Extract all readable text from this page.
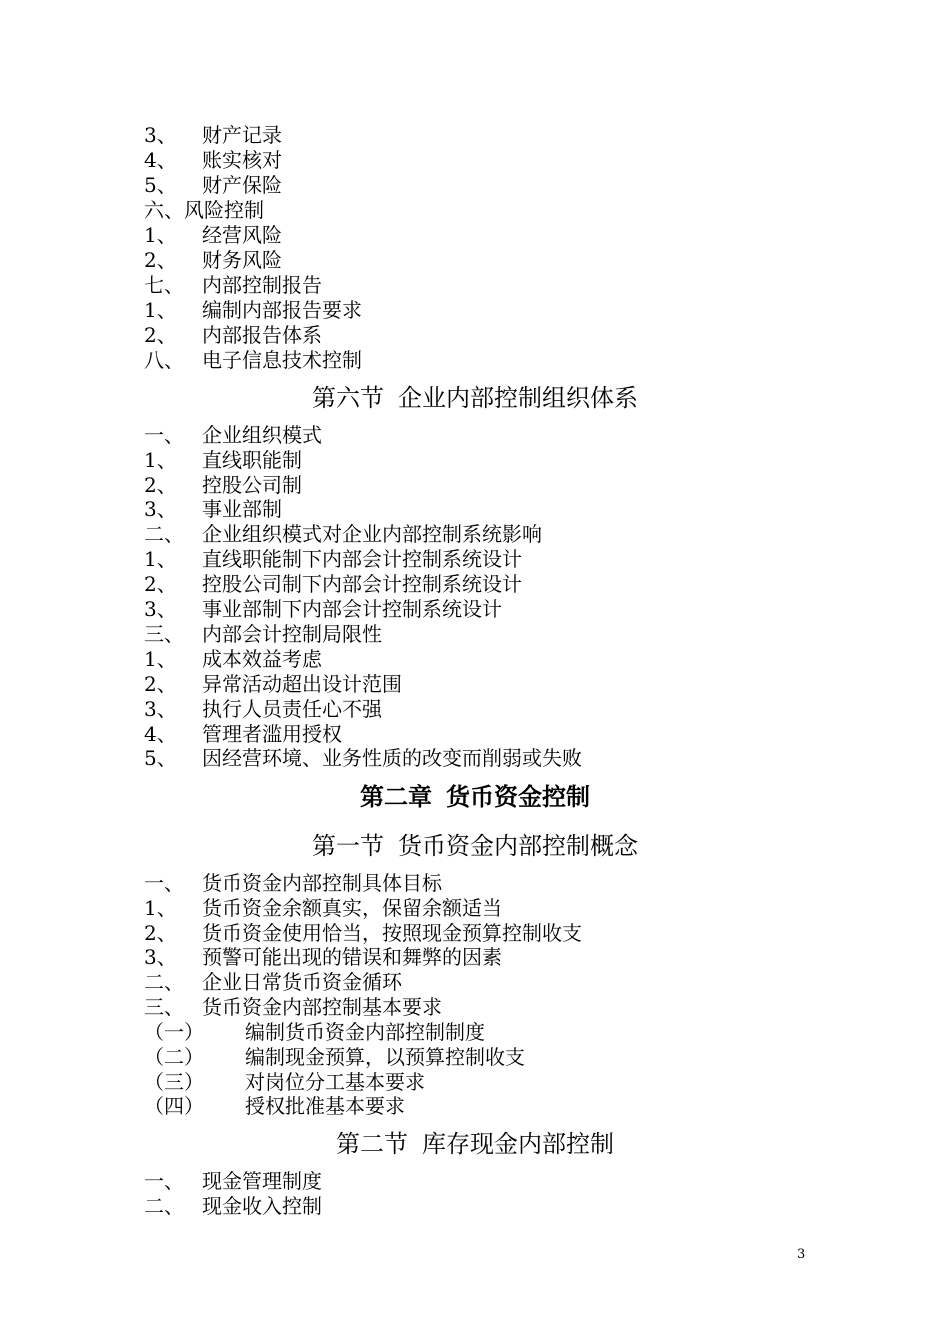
3、 财产记录
4、 账实核对
5、 财产保险
六、风险控制
1、 经营风险
2、 财务风险
七、 内部控制报告
1、 编制内部报告要求
2、 内部报告体系
八、 电子信息技术控制
第六节 企业内部控制组织体系
一、 企业组织模式
1、 直线职能制
2、 控股公司制
3、 事业部制
二、 企业组织模式对企业内部控制系统影响
1、 直线职能制下内部会计控制系统设计
2、 控股公司制下内部会计控制系统设计
3、 事业部制下内部会计控制系统设计
三、 内部会计控制局限性
1、 成本效益考虑
2、 异常活动超出设计范围
3、 执行人员责任心不强
4、 管理者滥用授权
5、 因经营环境、业务性质的改变而削弱或失败
第二章 货币资金控制
第一节 货币资金内部控制概念
一、 货币资金内部控制具体目标
1、 货币资金余额真实，保留余额适当
2、 货币资金使用恰当，按照现金预算控制收支
3、 预警可能出现的错误和舞弊的因素
二、 企业日常货币资金循环
三、 货币资金内部控制基本要求
（一） 编制货币资金内部控制制度
（二） 编制现金预算，以预算控制收支
（三） 对岗位分工基本要求
（四） 授权批准基本要求
第二节 库存现金内部控制
一、 现金管理制度
二、 现金收入控制
3
